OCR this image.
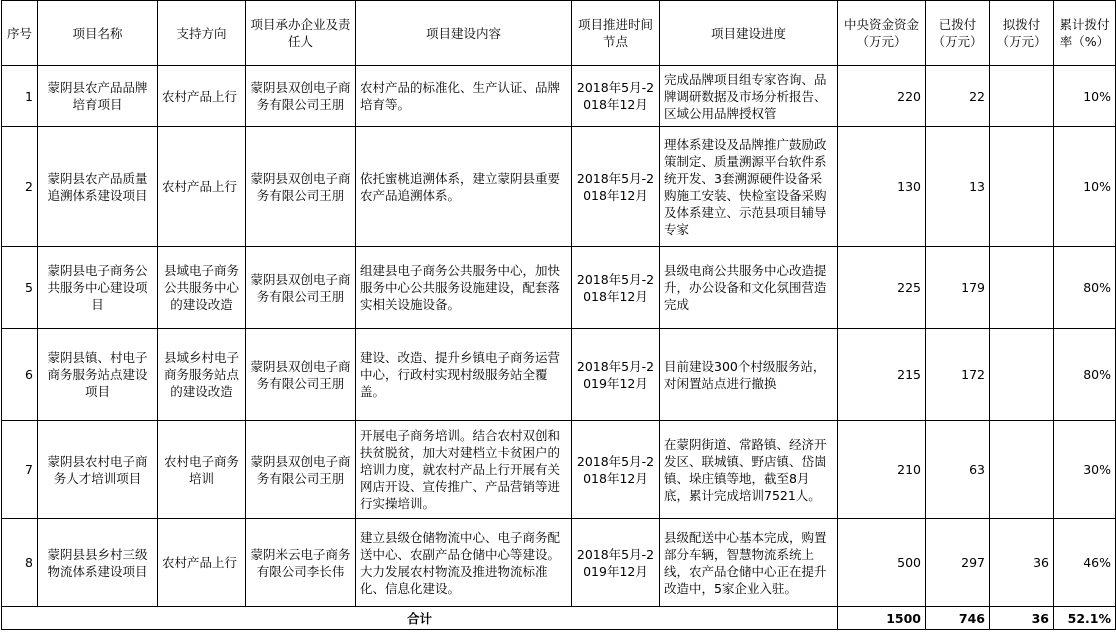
序号	项目名称	支持方向	项目承办企业及责任人	项目建设内容	项目推进时间节点	项目建设进度	中央资金资金（万元）	已拨付（万元）	拟拨付（万元）	累计拨付率（%）
1	蒙阴县农产品品牌培育项目	农村产品上行	蒙阴县双创电子商务有限公司王朋	农村产品的标准化、生产认证、品牌培育等。	2018年5月-2018年12月	完成品牌项目组专家咨询、品牌调研数据及市场分析报告、区域公用品牌授权管	220	22		10%
2	蒙阴县农产品质量追溯体系建设项目	农村产品上行	蒙阴县双创电子商务有限公司王朋	依托蜜桃追溯体系，建立蒙阴县重要农产品追溯体系。	2018年5月-2018年12月	理体系建设及品牌推广鼓励政策制定、质量溯源平台软件系统开发、3套溯源硬件设备采购施工安装、快检室设备采购及体系建立、示范县项目辅导专家	130	13		10%
5	蒙阴县电子商务公共服务中心建设项目	县域电子商务公共服务中心的建设改造	蒙阴县双创电子商务有限公司王朋	组建县电子商务公共服务中心，加快服务中心公共服务设施建设，配套落实相关设施设备。	2018年5月-2018年12月	县级电商公共服务中心改造提升，办公设备和文化氛围营造完成	225	179		80%
6	蒙阴县镇、村电子商务服务站点建设项目	县域乡村电子商务服务站点的建设改造	蒙阴县双创电子商务有限公司王朋	建设、改造、提升乡镇电子商务运营中心，行政村实现村级服务站全覆盖。	2018年5月-2019年12月	目前建设300个村级服务站，对闲置站点进行撤换	215	172		80%
7	蒙阴县农村电子商务人才培训项目	农村电子商务培训	蒙阴县双创电子商务有限公司王朋	开展电子商务培训。结合农村双创和扶贫脱贫，加大对建档立卡贫困户的培训力度，就农村产品上行开展有关网店开设、宣传推广、产品营销等进行实操培训。	2018年5月-2018年12月	在蒙阴街道、常路镇、经济开发区、联城镇、野店镇、岱崮镇、垛庄镇等地，截至8月底，累计完成培训7521人。	210	63		30%
8	蒙阴县县乡村三级物流体系建设项目	农村产品上行	蒙阴米云电子商务有限公司李长伟	建立县级仓储物流中心、电子商务配送中心、农副产品仓储中心等建设。大力发展农村物流及推进物流标准化、信息化建设。	2018年5月-2019年12月	县级配送中心基本完成，购置部分车辆，智慧物流系统上线，农产品仓储中心正在提升改造中，5家企业入驻。	500	297	36	46%
合计							1500	746	36	52.1%
